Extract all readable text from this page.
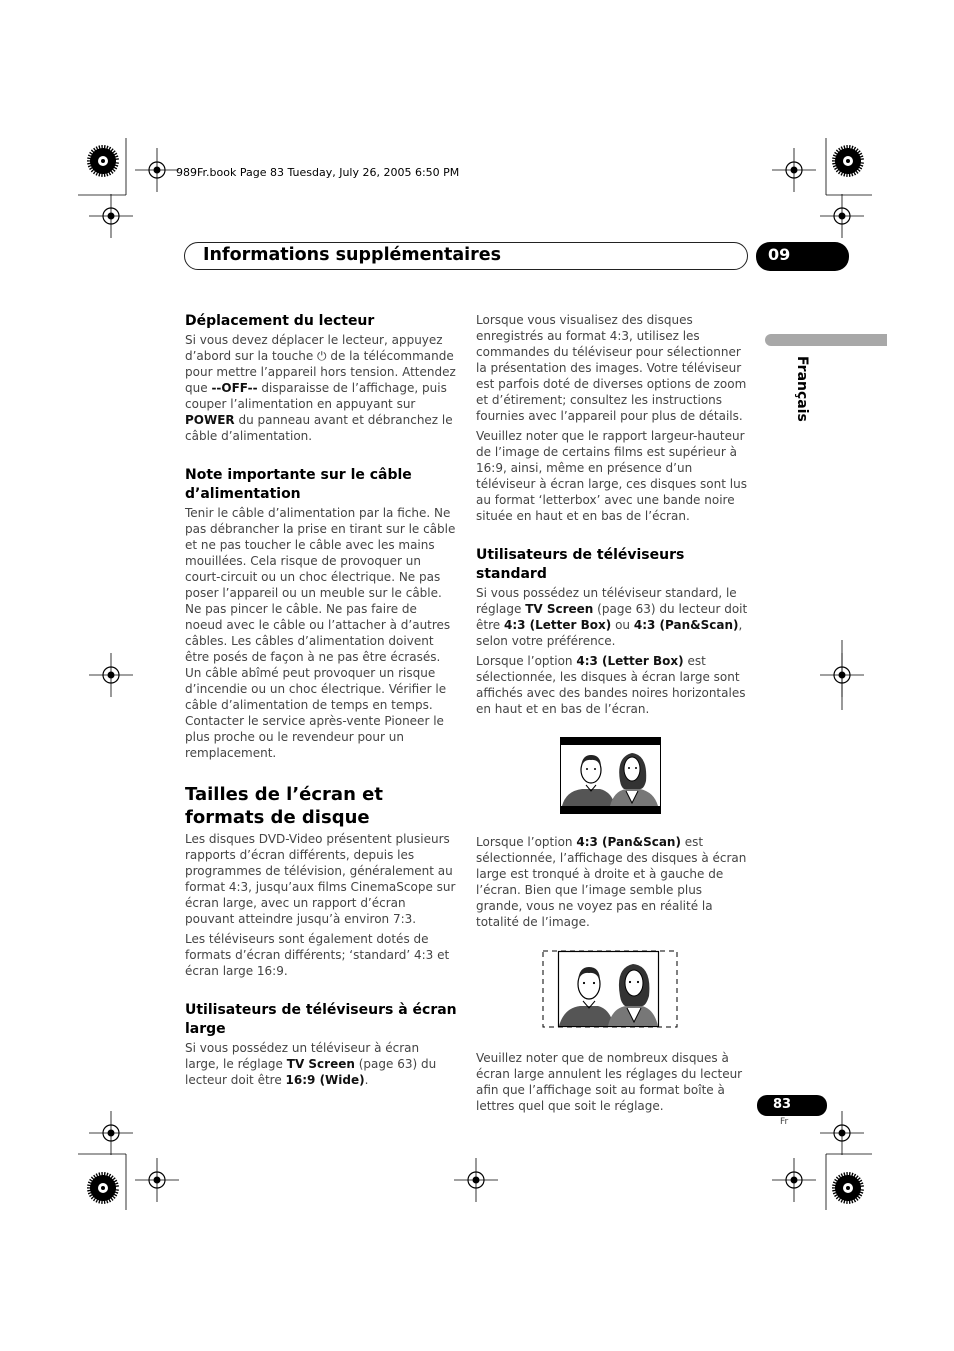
989Fr.book Page 83 Tuesday, July 26, 2005 6:50 PM
Informations supplémentaires	09
Français
Déplacement du lecteur

Si vous devez déplacer le lecteur, appuyez d’abord sur la touche ⏻ de la télécommande pour mettre l’appareil hors tension. Attendez que --OFF-- disparaisse de l’affichage, puis couper l’alimentation en appuyant sur POWER du panneau avant et débranchez le câble d’alimentation.

Note importante sur le câble d’alimentation

Tenir le câble d’alimentation par la fiche. Ne pas débrancher la prise en tirant sur le câble et ne pas toucher le câble avec les mains mouillées. Cela risque de provoquer un court-circuit ou un choc électrique. Ne pas poser l’appareil ou un meuble sur le câble. Ne pas pincer le câble. Ne pas faire de noeud avec le câble ou l’attacher à d’autres câbles. Les câbles d’alimentation doivent être posés de façon à ne pas être écrasés. Un câble abîmé peut provoquer un risque d’incendie ou un choc électrique. Vérifier le câble d’alimentation de temps en temps. Contacter le service après-vente Pioneer le plus proche ou le revendeur pour un remplacement.

Tailles de l’écran et formats de disque

Les disques DVD-Video présentent plusieurs rapports d’écran différents, depuis les programmes de télévision, généralement au format 4:3, jusqu’aux films CinemaScope sur écran large, avec un rapport d’écran pouvant atteindre jusqu’à environ 7:3.

Les téléviseurs sont également dotés de formats d’écran différents; ‘standard’ 4:3 et écran large 16:9.

Utilisateurs de téléviseurs à écran large

Si vous possédez un téléviseur à écran large, le réglage TV Screen (page 63) du lecteur doit être 16:9 (Wide).

Lorsque vous visualisez des disques enregistrés au format 4:3, utilisez les commandes du téléviseur pour sélectionner la présentation des images. Votre téléviseur est parfois doté de diverses options de zoom et d’étirement; consultez les instructions fournies avec l’appareil pour plus de détails.

Veuillez noter que le rapport largeur-hauteur de l’image de certains films est supérieur à 16:9, ainsi, même en présence d’un téléviseur à écran large, ces disques sont lus au format ‘letterbox’ avec une bande noire située en haut et en bas de l’écran.

Utilisateurs de téléviseurs standard

Si vous possédez un téléviseur standard, le réglage TV Screen (page 63) du lecteur doit être 4:3 (Letter Box) ou 4:3 (Pan&Scan), selon votre préférence.

Lorsque l’option 4:3 (Letter Box) est sélectionnée, les disques à écran large sont affichés avec des bandes noires horizontales en haut et en bas de l’écran.

Lorsque l’option 4:3 (Pan&Scan) est sélectionnée, l’affichage des disques à écran large est tronqué à droite et à gauche de l’écran. Bien que l’image semble plus grande, vous ne voyez pas en réalité la totalité de l’image.

Veuillez noter que de nombreux disques à écran large annulent les réglages du lecteur afin que l’affichage soit au format boîte à lettres quel que soit le réglage.	83
Fr
